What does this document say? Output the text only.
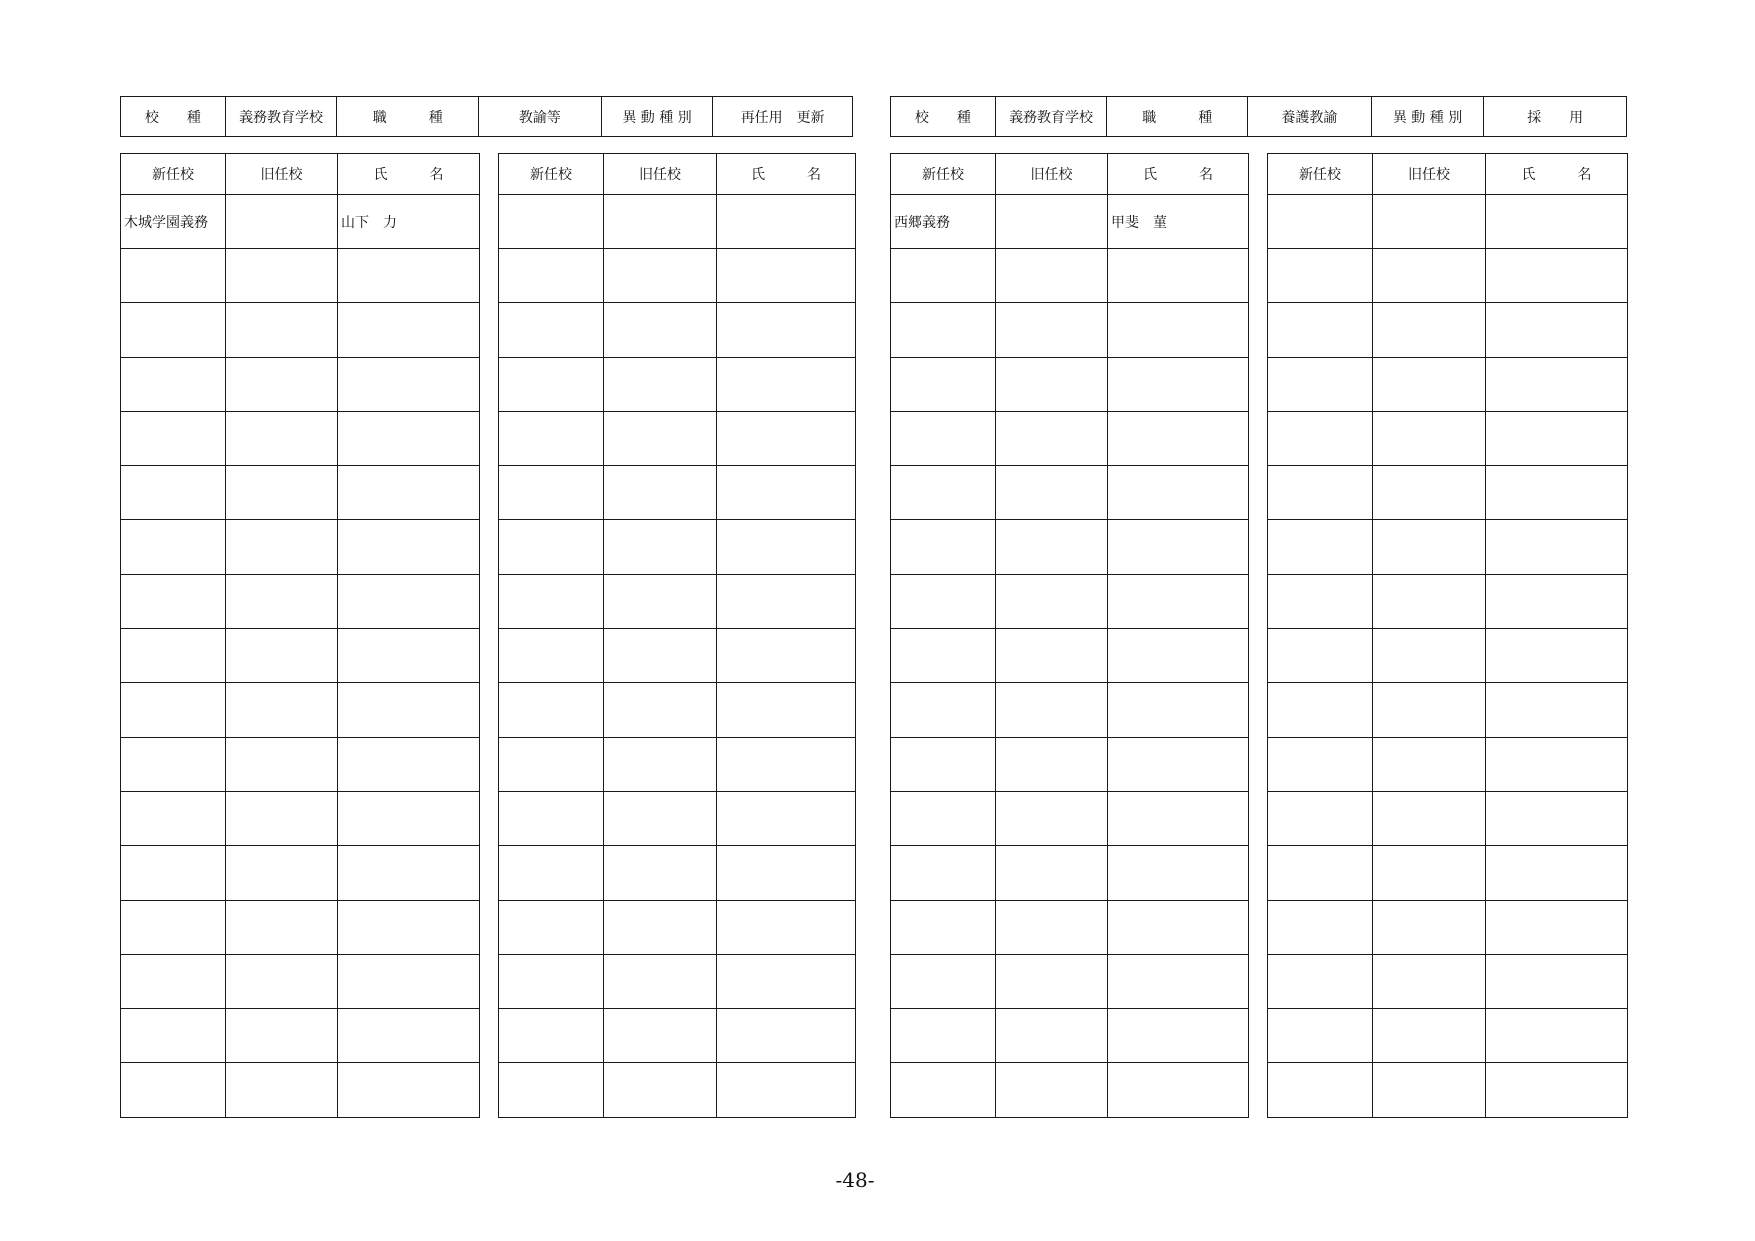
校　　種	義務教育学校	職　　　種	教諭等	異 動 種 別	再任用　更新	校　　種	義務教育学校	職　　　種	養護教諭	異 動 種 別	採　　用
新任校	旧任校	氏　　　名
木城学園義務		山下　力

新任校	旧任校	氏　　　名

			新任校	旧任校	氏　　　名
西郷義務		甲斐　菫

新任校	旧任校	氏　　　名

-48-
